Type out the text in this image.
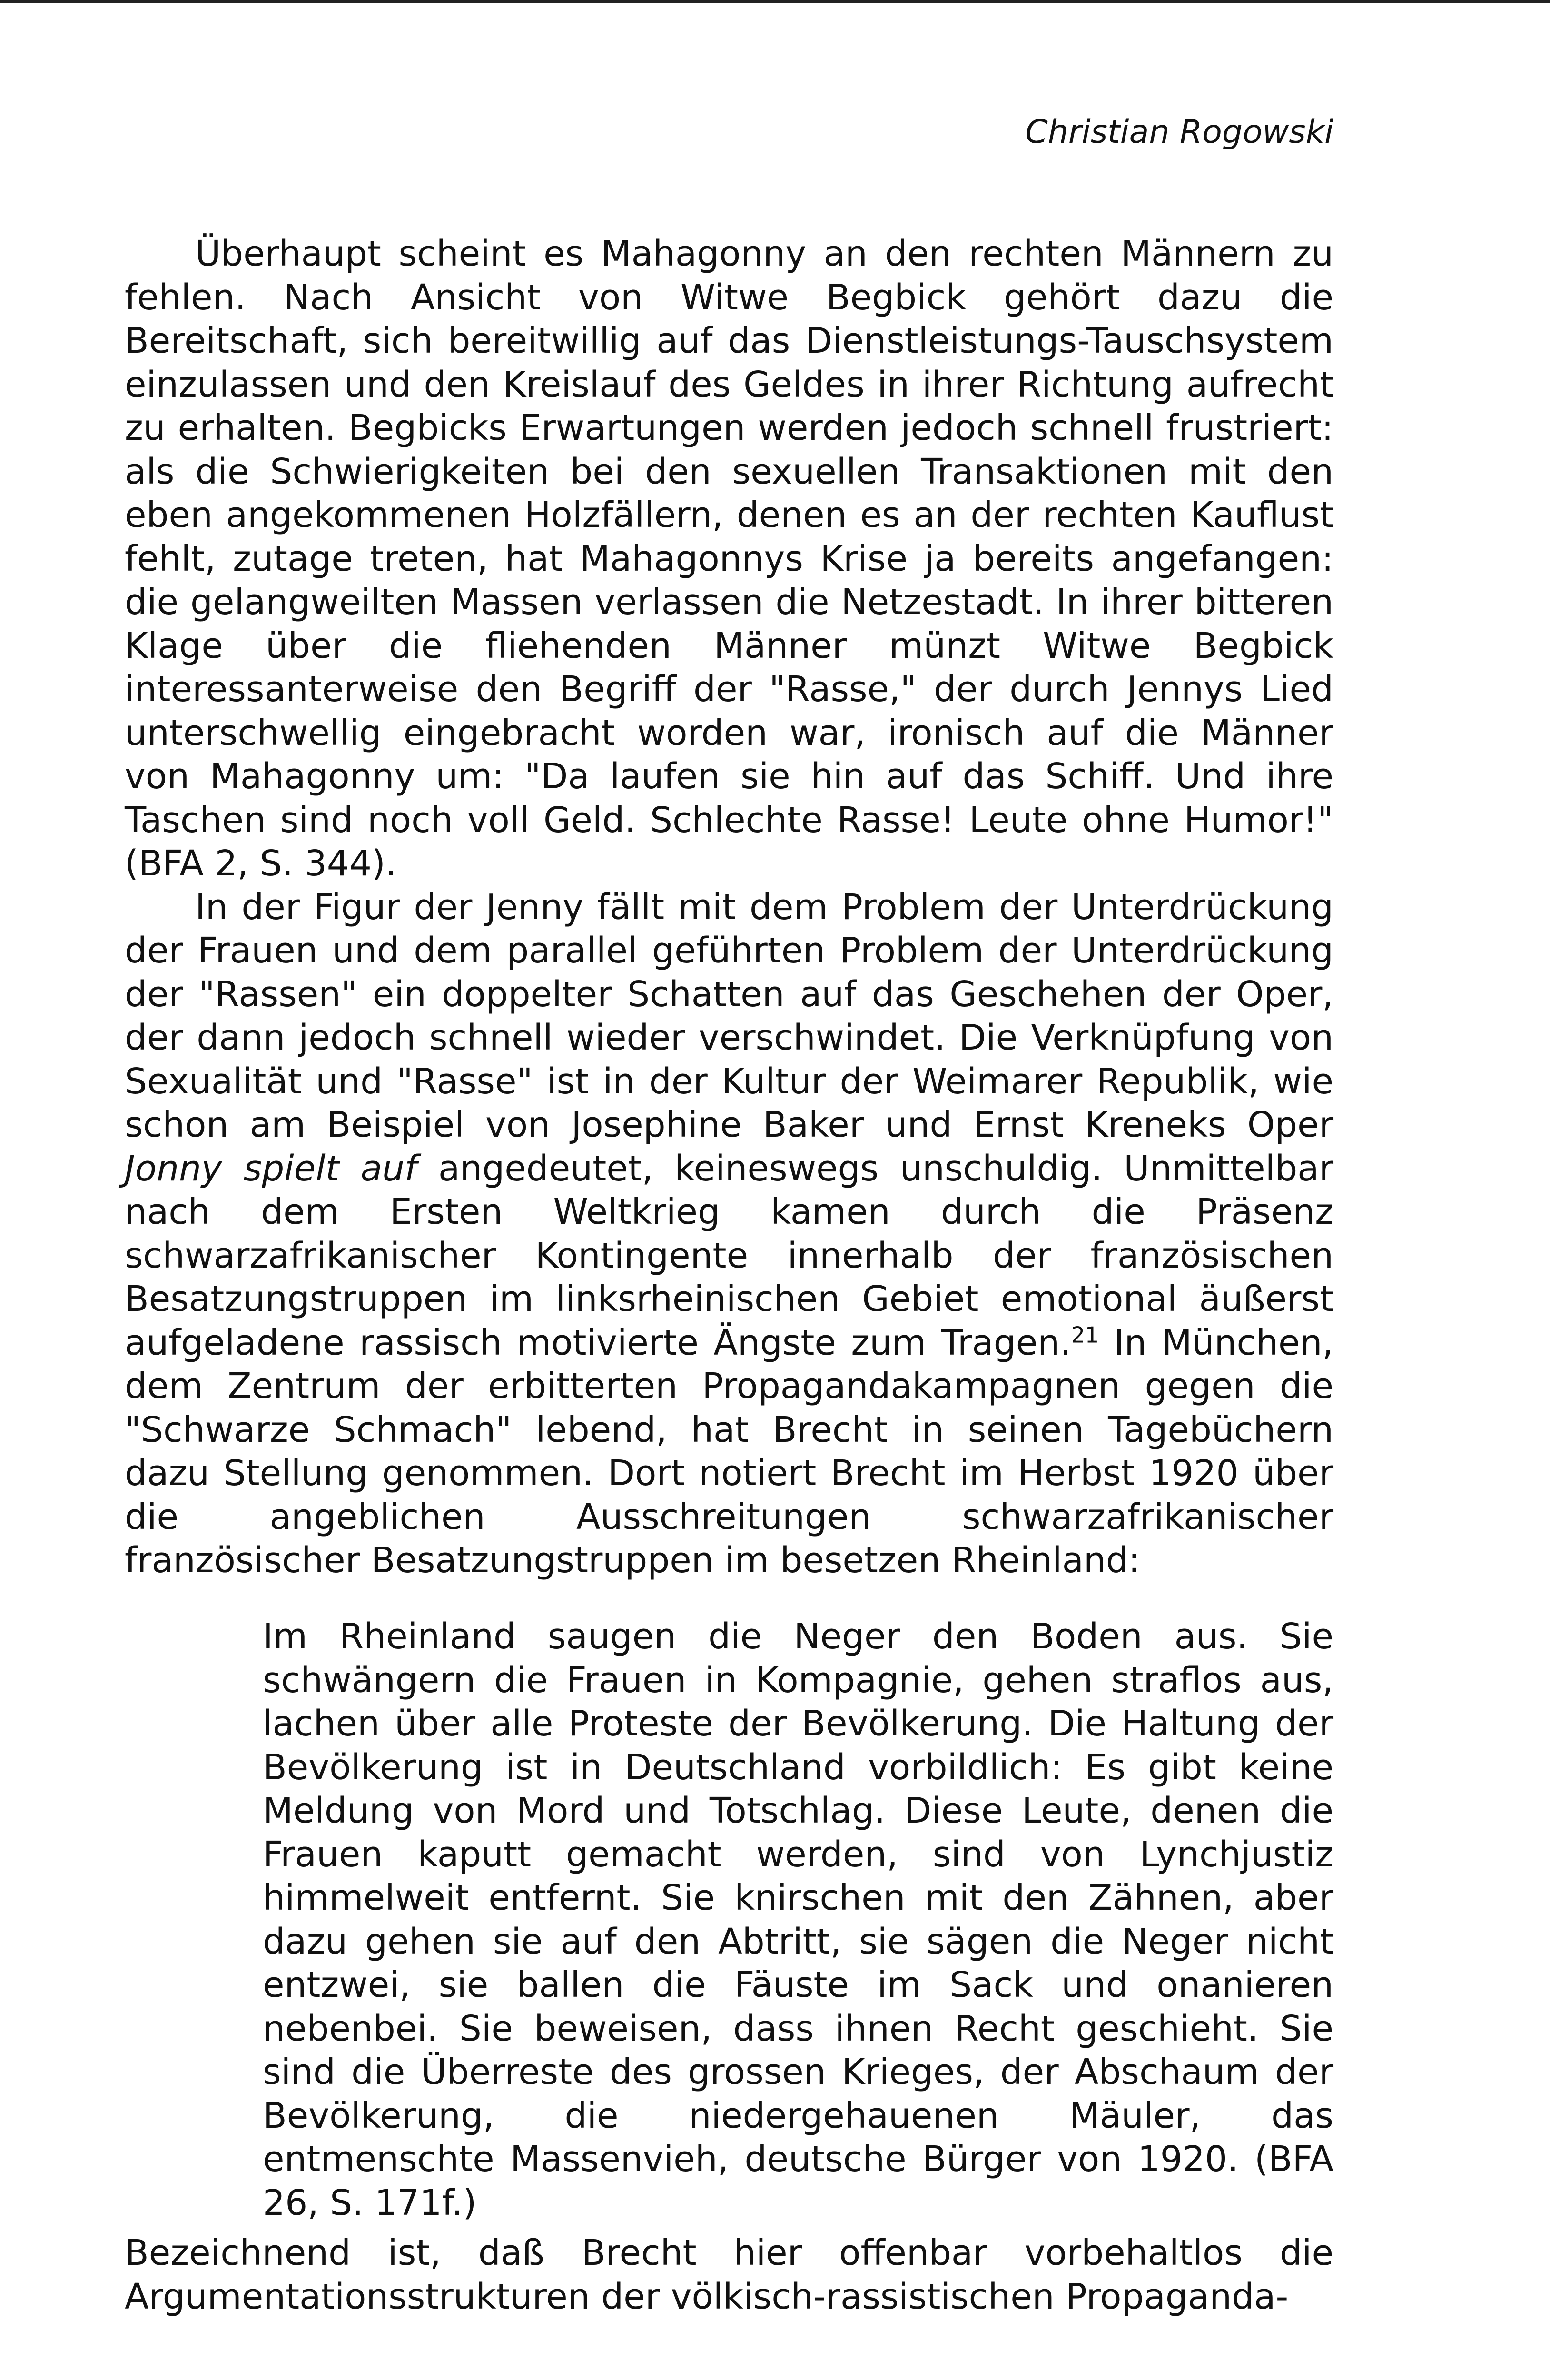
Christian Rogowski

Überhaupt scheint es Mahagonny an den rechten Männern zu fehlen. Nach Ansicht von Witwe Begbick gehört dazu die Bereitschaft, sich bereitwillig auf das Dienstleistungs-Tauschsystem einzulassen und den Kreislauf des Geldes in ihrer Richtung aufrecht zu erhalten. Begbicks Erwartungen werden jedoch schnell frustriert: als die Schwierigkeiten bei den sexuellen Transaktionen mit den eben angekommenen Holzfällern, denen es an der rechten Kauflust fehlt, zutage treten, hat Mahagonnys Krise ja bereits angefangen: die gelangweilten Massen verlassen die Netzestadt. In ihrer bitteren Klage über die fliehenden Männer münzt Witwe Begbick interessanterweise den Begriff der "Rasse," der durch Jennys Lied unterschwellig eingebracht worden war, ironisch auf die Männer von Mahagonny um: "Da laufen sie hin auf das Schiff. Und ihre Taschen sind noch voll Geld. Schlechte Rasse! Leute ohne Humor!" (BFA 2, S. 344).

In der Figur der Jenny fällt mit dem Problem der Unterdrückung der Frauen und dem parallel geführten Problem der Unterdrückung der "Rassen" ein doppelter Schatten auf das Geschehen der Oper, der dann jedoch schnell wieder verschwindet. Die Verknüpfung von Sexualität und "Rasse" ist in der Kultur der Weimarer Republik, wie schon am Beispiel von Josephine Baker und Ernst Kreneks Oper Jonny spielt auf angedeutet, keineswegs unschuldig. Unmittelbar nach dem Ersten Weltkrieg kamen durch die Präsenz schwarzafrikanischer Kontingente innerhalb der französischen Besatzungstruppen im linksrheinischen Gebiet emotional äußerst aufgeladene rassisch motivierte Ängste zum Tragen.$^{21}$ In München, dem Zentrum der erbitterten Propagandakampagnen gegen die "Schwarze Schmach" lebend, hat Brecht in seinen Tagebüchern dazu Stellung genommen. Dort notiert Brecht im Herbst 1920 über die angeblichen Ausschreitungen schwarzafrikanischer französischer Besatzungstruppen im besetzen Rheinland:

Im Rheinland saugen die Neger den Boden aus. Sie schwängern die Frauen in Kompagnie, gehen straflos aus, lachen über alle Proteste der Bevölkerung. Die Haltung der Bevölkerung ist in Deutschland vorbildlich: Es gibt keine Meldung von Mord und Totschlag. Diese Leute, denen die Frauen kaputt gemacht werden, sind von Lynchjustiz himmelweit entfernt. Sie knirschen mit den Zähnen, aber dazu gehen sie auf den Abtritt, sie sägen die Neger nicht entzwei, sie ballen die Fäuste im Sack und onanieren nebenbei. Sie beweisen, dass ihnen Recht geschieht. Sie sind die Überreste des grossen Krieges, der Abschaum der Bevölkerung, die niedergehauenen Mäuler, das entmenschte Massenvieh, deutsche Bürger von 1920. (BFA 26, S. 171f.)

Bezeichnend ist, daß Brecht hier offenbar vorbehaltlos die Argumentationsstrukturen der völkisch-rassistischen Propaganda-
